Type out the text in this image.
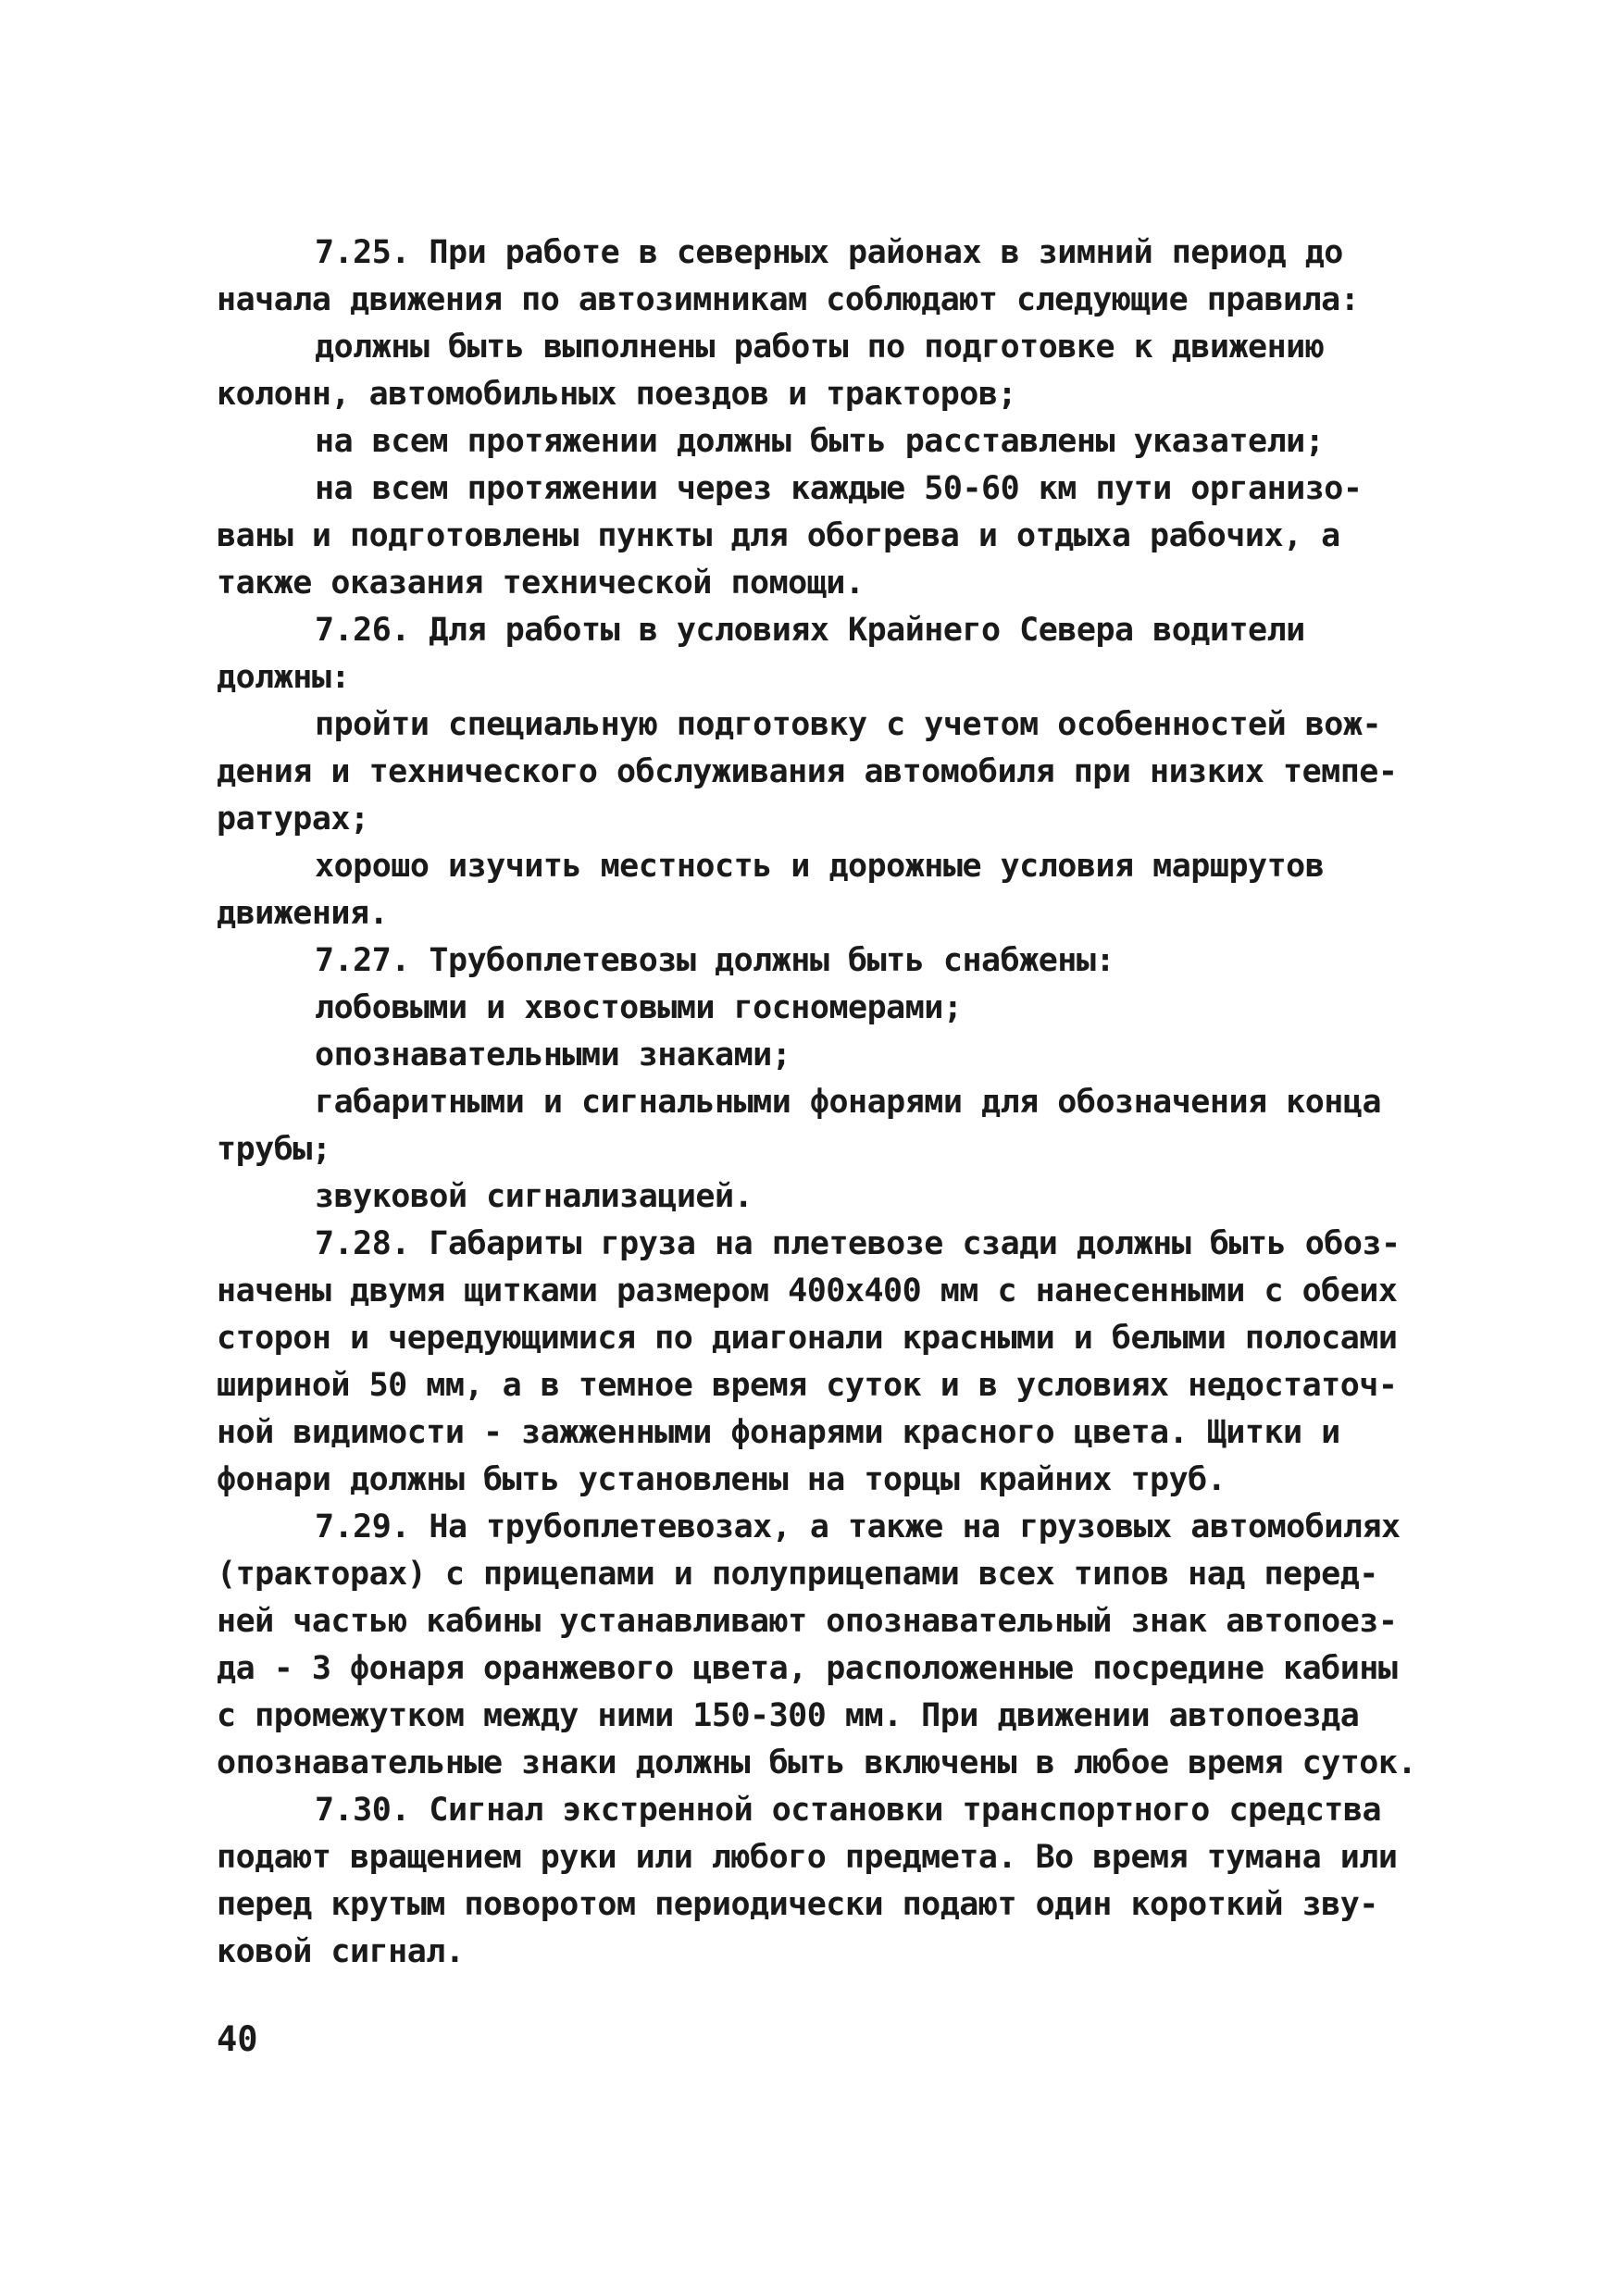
7.25. При работе в северных районах в зимний период до
начала движения по автозимникам соблюдают следующие правила:
должны быть выполнены работы по подготовке к движению
колонн, автомобильных поездов и тракторов;
на всем протяжении должны быть расставлены указатели;
на всем протяжении через каждые 50-60 км пути организо-
ваны и подготовлены пункты для обогрева и отдыха рабочих, а
также оказания технической помощи.
7.26. Для работы в условиях Крайнего Севера водители
должны:
пройти специальную подготовку с учетом особенностей вож-
дения и технического обслуживания автомобиля при низких темпе-
ратурах;
хорошо изучить местность и дорожные условия маршрутов
движения.
7.27. Трубоплетевозы должны быть снабжены:
лобовыми и хвостовыми госномерами;
опознавательными знаками;
габаритными и сигнальными фонарями для обозначения конца
трубы;
звуковой сигнализацией.
7.28. Габариты груза на плетевозе сзади должны быть обоз-
начены двумя щитками размером 400x400 мм с нанесенными с обеих
сторон и чередующимися по диагонали красными и белыми полосами
шириной 50 мм, а в темное время суток и в условиях недостаточ-
ной видимости - зажженными фонарями красного цвета. Щитки и
фонари должны быть установлены на торцы крайних труб.
7.29. На трубоплетевозах, а также на грузовых автомобилях
(тракторах) с прицепами и полуприцепами всех типов над перед-
ней частью кабины устанавливают опознавательный знак автопоез-
да - 3 фонаря оранжевого цвета, расположенные посредине кабины
с промежутком между ними 150-300 мм. При движении автопоезда
опознавательные знаки должны быть включены в любое время суток.
7.30. Сигнал экстренной остановки транспортного средства
подают вращением руки или любого предмета. Во время тумана или
перед крутым поворотом периодически подают один короткий зву-
ковой сигнал.
40
